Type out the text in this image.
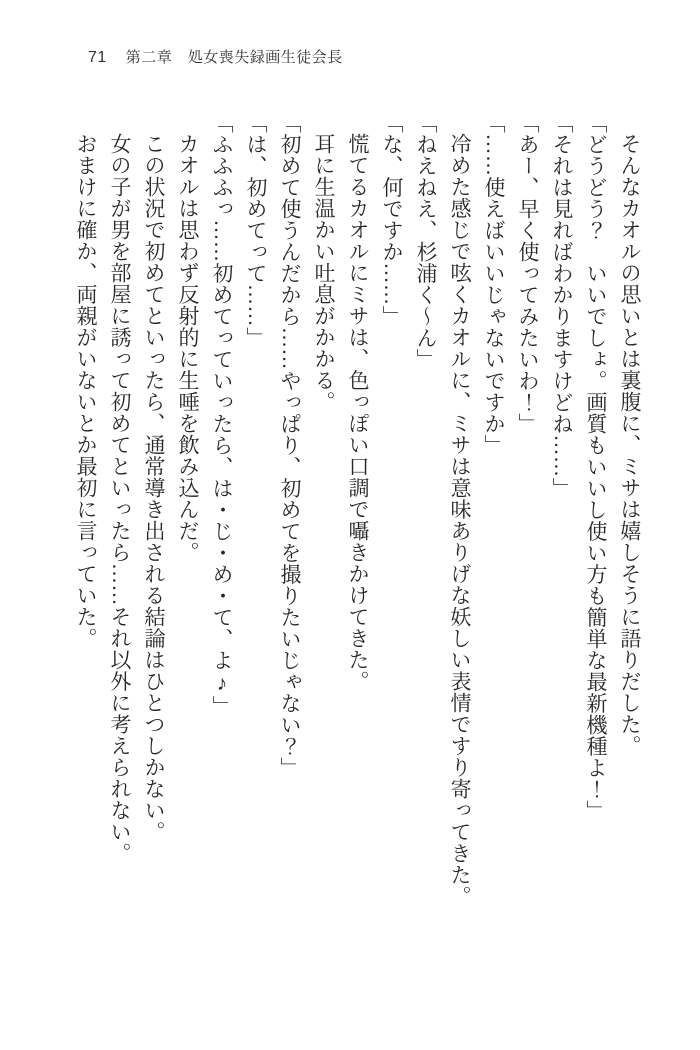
71 第二章　処女喪失録画生徒会長

そんなカオルの思いとは裏腹に、ミサは嬉しそうに語りだした。

「どうどう？　いいでしょ。画質もいいし使い方も簡単な最新機種よ！」

「それは見ればわかりますけどね……」

「あー、早く使ってみたいわ！」

「……使えばいいじゃないですか」

冷めた感じで呟くカオルに、ミサは意味ありげな妖しい表情ですり寄ってきた。

「ねえねえ、杉浦く～ん」

「な、何ですか……」

慌てるカオルにミサは、色っぽい口調で囁きかけてきた。

耳に生温かい吐息がかかる。

「初めて使うんだから……やっぱり、初めてを撮りたいじゃない？」

「は、初めてって……」

「ふふふっ……初めてっていったら、は・じ・め・て、よ♪」

カオルは思わず反射的に生唾を飲み込んだ。

この状況で初めてといったら、通常導き出される結論はひとつしかない。

女の子が男を部屋に誘って初めてといったら……それ以外に考えられない。

おまけに確か、両親がいないとか最初に言っていた。
